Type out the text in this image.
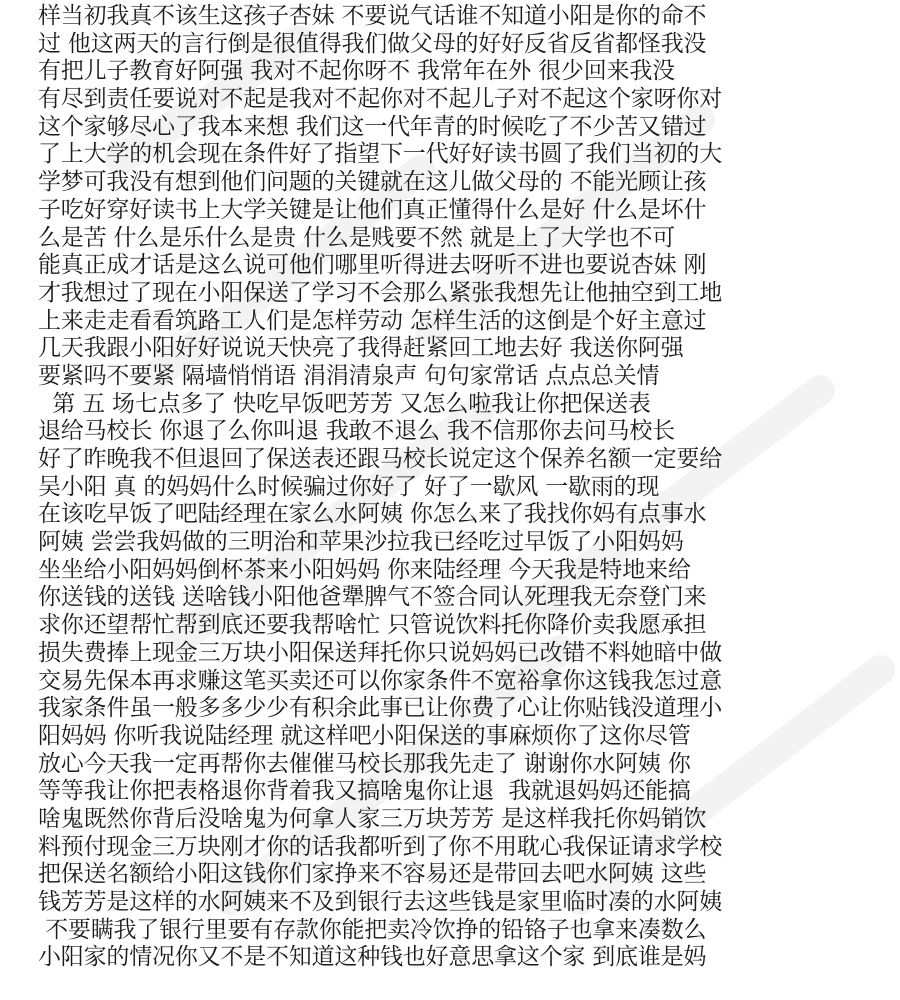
样当初我真不该生这孩子杏妹 不要说气话谁不知道小阳是你的命不
过 他这两天的言行倒是很值得我们做父母的好好反省反省都怪我没
有把儿子教育好阿强 我对不起你呀不 我常年在外 很少回来我没
有尽到责任要说对不起是我对不起你对不起儿子对不起这个家呀你对
这个家够尽心了我本来想 我们这一代年青的时候吃了不少苦又错过
了上大学的机会现在条件好了指望下一代好好读书圆了我们当初的大
学梦可我没有想到他们问题的关键就在这儿做父母的 不能光顾让孩
子吃好穿好读书上大学关键是让他们真正懂得什么是好 什么是坏什
么是苦 什么是乐什么是贵 什么是贱要不然 就是上了大学也不可
能真正成才话是这么说可他们哪里听得进去呀听不进也要说杏妹 刚
才我想过了现在小阳保送了学习不会那么紧张我想先让他抽空到工地
上来走走看看筑路工人们是怎样劳动 怎样生活的这倒是个好主意过
几天我跟小阳好好说说天快亮了我得赶紧回工地去好 我送你阿强
要紧吗不要紧 隔墙悄悄语 涓涓清泉声 句句家常话 点点总关情
第 五 场七点多了 快吃早饭吧芳芳 又怎么啦我让你把保送表
退给马校长 你退了么你叫退 我敢不退么 我不信那你去问马校长
好了昨晚我不但退回了保送表还跟马校长说定这个保养名额一定要给
吴小阳 真 的妈妈什么时候骗过你好了 好了一歇风 一歇雨的现
在该吃早饭了吧陆经理在家么水阿姨 你怎么来了我找你妈有点事水
阿姨 尝尝我妈做的三明治和苹果沙拉我已经吃过早饭了小阳妈妈
坐坐给小阳妈妈倒杯茶来小阳妈妈 你来陆经理 今天我是特地来给
你送钱的送钱 送啥钱小阳他爸犟脾气不签合同认死理我无奈登门来
求你还望帮忙帮到底还要我帮啥忙 只管说饮料托你降价卖我愿承担
损失费捧上现金三万块小阳保送拜托你只说妈妈已改错不料她暗中做
交易先保本再求赚这笔买卖还可以你家条件不宽裕拿你这钱我怎过意
我家条件虽一般多多少少有积余此事已让你费了心让你贴钱没道理小
阳妈妈 你听我说陆经理 就这样吧小阳保送的事麻烦你了这你尽管
放心今天我一定再帮你去催催马校长那我先走了 谢谢你水阿姨 你
等等我让你把表格退你背着我又搞啥鬼你让退  我就退妈妈还能搞
啥鬼既然你背后没啥鬼为何拿人家三万块芳芳 是这样我托你妈销饮
料预付现金三万块刚才你的话我都听到了你不用耽心我保证请求学校
把保送名额给小阳这钱你们家挣来不容易还是带回去吧水阿姨 这些
钱芳芳是这样的水阿姨来不及到银行去这些钱是家里临时凑的水阿姨
不要瞒我了银行里要有存款你能把卖冷饮挣的铅铬子也拿来凑数么
小阳家的情况你又不是不知道这种钱也好意思拿这个家 到底谁是妈
